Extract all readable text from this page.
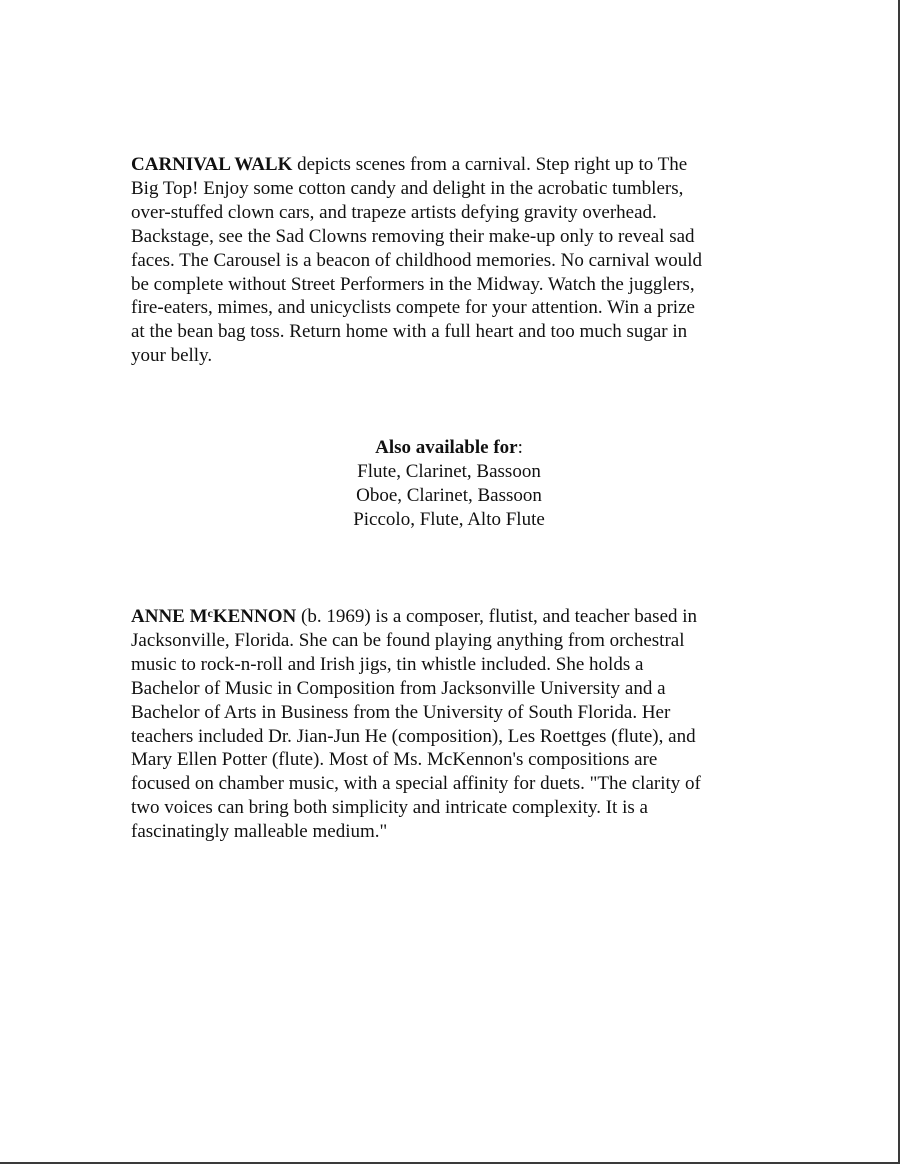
CARNIVAL WALK depicts scenes from a carnival. Step right up to The
Big Top! Enjoy some cotton candy and delight in the acrobatic tumblers,
over-stuffed clown cars, and trapeze artists defying gravity overhead.
Backstage, see the Sad Clowns removing their make-up only to reveal sad
faces. The Carousel is a beacon of childhood memories. No carnival would
be complete without Street Performers in the Midway. Watch the jugglers,
fire-eaters, mimes, and unicyclists compete for your attention. Win a prize
at the bean bag toss. Return home with a full heart and too much sugar in
your belly.

Also available for:
Flute, Clarinet, Bassoon
Oboe, Clarinet, Bassoon
Piccolo, Flute, Alto Flute

ANNE $M^cKENNON$ (b. 1969) is a composer, flutist, and teacher based in
Jacksonville, Florida. She can be found playing anything from orchestral
music to rock-n-roll and Irish jigs, tin whistle included. She holds a
Bachelor of Music in Composition from Jacksonville University and a
Bachelor of Arts in Business from the University of South Florida. Her
teachers included Dr. Jian-Jun He (composition), Les Roettges (flute), and
Mary Ellen Potter (flute). Most of Ms. McKennon's compositions are
focused on chamber music, with a special affinity for duets. "The clarity of
two voices can bring both simplicity and intricate complexity. It is a
fascinatingly malleable medium."
